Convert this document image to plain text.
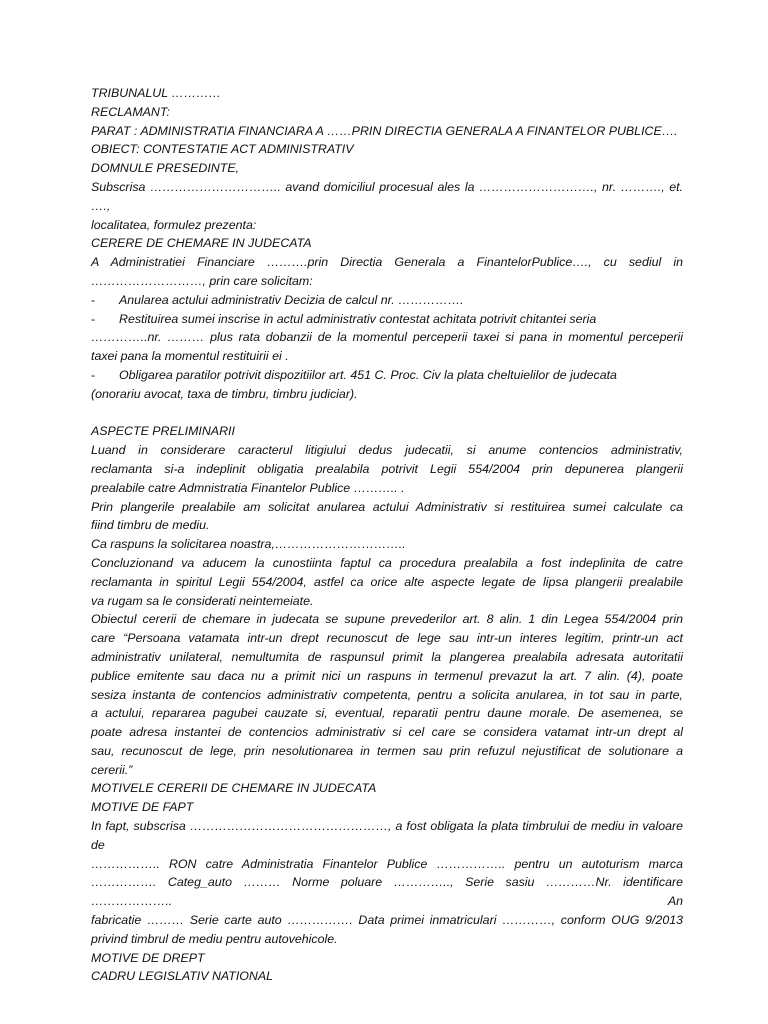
TRIBUNALUL …………

RECLAMANT:

PARAT : ADMINISTRATIA FINANCIARA A ……PRIN DIRECTIA GENERALA A FINANTELOR PUBLICE….

OBIECT: CONTESTATIE ACT ADMINISTRATIV

DOMNULE PRESEDINTE,

Subscrisa ………………………….. avand domiciliul procesual ales la ………………………., nr. ………., et. ….,

localitatea, formulez prezenta:

CERERE DE CHEMARE IN JUDECATA

A Administratiei Financiare ……….prin Directia Generala a FinantelorPublice…., cu sediul in

………………………, prin care solicitam:

- Anularea actului administrativ Decizia de calcul nr. …………….
- Restituirea sumei inscrise in actul administrativ contestat achitata potrivit chitantei seria

…………..nr. ……… plus rata dobanzii de la momentul perceperii taxei si pana in momentul perceperii

taxei pana la momentul restituirii ei .

- Obligarea paratilor potrivit dispozitiilor art. 451 C. Proc. Civ la plata cheltuielilor de judecata

(onorariu avocat, taxa de timbru, timbru judiciar).

ASPECTE PRELIMINARII

Luand in considerare caracterul litigiului dedus judecatii, si anume contencios administrativ,

reclamanta si-a indeplinit obligatia prealabila potrivit Legii 554/2004 prin depunerea plangerii

prealabile catre Admnistratia Finantelor Publice ……….. .

Prin plangerile prealabile am solicitat anularea actului Administrativ si restituirea sumei calculate ca

fiind timbru de mediu.

Ca raspuns la solicitarea noastra,…………………………..

Concluzionand va aducem la cunostiinta faptul ca procedura prealabila a fost indeplinita de catre

reclamanta in spiritul Legii 554/2004, astfel ca orice alte aspecte legate de lipsa plangerii prealabile

va rugam sa le considerati neintemeiate.

Obiectul cererii de chemare in judecata se supune prevederilor art. 8 alin. 1 din Legea 554/2004 prin

care “Persoana vatamata intr-un drept recunoscut de lege sau intr-un interes legitim, printr-un act

administrativ unilateral, nemultumita de raspunsul primit la plangerea prealabila adresata autoritatii

publice emitente sau daca nu a primit nici un raspuns in termenul prevazut la art. 7 alin. (4), poate

sesiza instanta de contencios administrativ competenta, pentru a solicita anularea, in tot sau in parte,

a actului, repararea pagubei cauzate si, eventual, reparatii pentru daune morale. De asemenea, se

poate adresa instantei de contencios administrativ si cel care se considera vatamat intr-un drept al

sau, recunoscut de lege, prin nesolutionarea in termen sau prin refuzul nejustificat de solutionare a

cererii.”

MOTIVELE CERERII DE CHEMARE IN JUDECATA

MOTIVE DE FAPT

In fapt, subscrisa …………………………………………, a fost obligata la plata timbrului de mediu in valoare de

…………….. RON catre Administratia Finantelor Publice …………….. pentru un autoturism marca

……………. Categ_auto ……… Norme poluare ………….., Serie sasiu …………Nr. identificare ……………….. An

fabricatie ……… Serie carte auto ……………. Data primei inmatriculari …………, conform OUG 9/2013

privind timbrul de mediu pentru autovehicole.

MOTIVE DE DREPT

CADRU LEGISLATIV NATIONAL
